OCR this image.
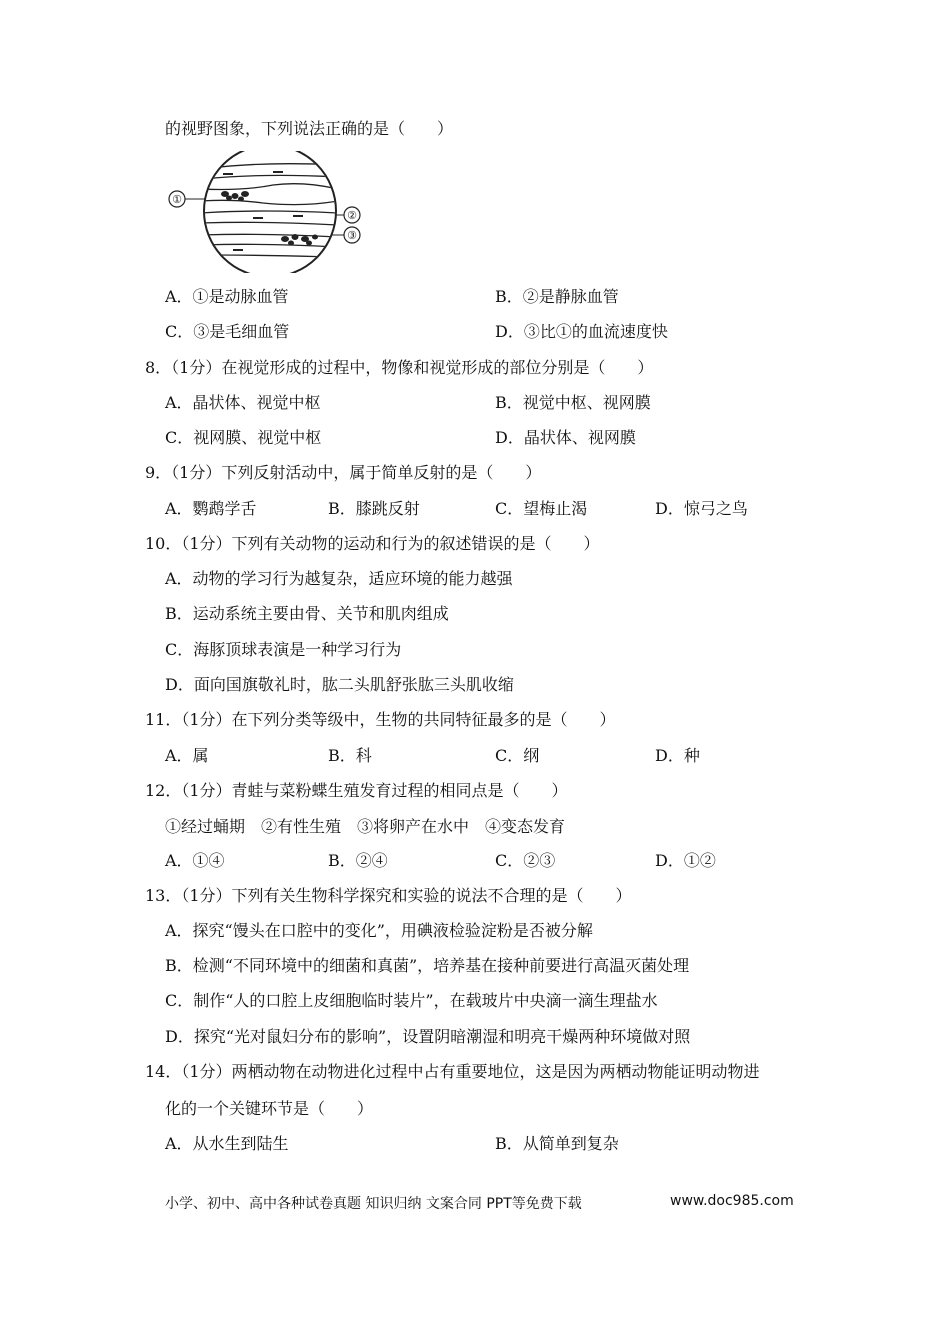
的视野图象，下列说法正确的是（　　）
①
②
③
A．①是动脉血管	B．②是静脉血管
C．③是毛细血管	D．③比①的血流速度快
8．（1分）在视觉形成的过程中，物像和视觉形成的部位分别是（　　）
A．晶状体、视觉中枢	B．视觉中枢、视网膜
C．视网膜、视觉中枢	D．晶状体、视网膜
9．（1分）下列反射活动中，属于简单反射的是（　　）
A．鹦鹉学舌	B．膝跳反射	C．望梅止渴	D．惊弓之鸟
10．（1分）下列有关动物的运动和行为的叙述错误的是（　　）
A．动物的学习行为越复杂，适应环境的能力越强
B．运动系统主要由骨、关节和肌肉组成
C．海豚顶球表演是一种学习行为
D．面向国旗敬礼时，肱二头肌舒张肱三头肌收缩
11．（1分）在下列分类等级中，生物的共同特征最多的是（　　）
A．属	B．科	C．纲	D．种
12．（1分）青蛙与菜粉蝶生殖发育过程的相同点是（　　）
①经过蛹期　②有性生殖　③将卵产在水中　④变态发育
A．①④	B．②④	C．②③	D．①②
13．（1分）下列有关生物科学探究和实验的说法不合理的是（　　）
A．探究“馒头在口腔中的变化”，用碘液检验淀粉是否被分解
B．检测“不同环境中的细菌和真菌”，培养基在接种前要进行高温灭菌处理
C．制作“人的口腔上皮细胞临时装片”，在载玻片中央滴一滴生理盐水
D．探究“光对鼠妇分布的影响”，设置阴暗潮湿和明亮干燥两种环境做对照
14．（1分）两栖动物在动物进化过程中占有重要地位，这是因为两栖动物能证明动物进
化的一个关键环节是（　　）
A．从水生到陆生	B．从简单到复杂
小学、初中、高中各种试卷真题 知识归纳 文案合同 PPT等免费下载	www.doc985.com
